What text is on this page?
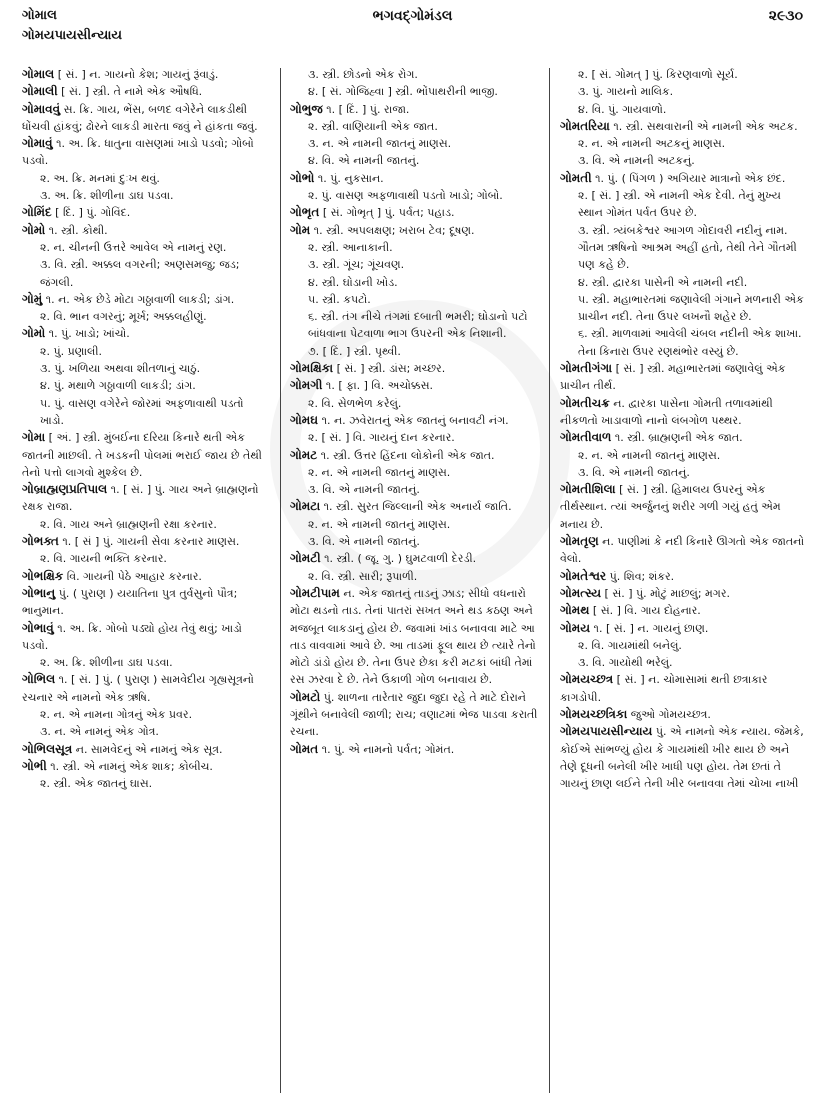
ગોમાલ
ગોમયપાયસીન્યાય
ભગવદ્ગોમંડલ	૨૯૩૦

ગોમાલ [ સં. ] ન. ગાયનો કેશ; ગાયનું રૂંવાડું.

ગોમાલી [ સં. ] સ્ત્રી. તે નામે એક ઔષધિ.

ગોમાવવું સ. ક્રિ. ગાય, ભેંસ, બળદ વગેરેને લાકડીથી ધોંચવી હાંકવું; ઢોરને લાકડી મારતા જવું ને હાંકતા જવું.

ગોમાવું ૧. અ. ક્રિ. ધાતુના વાસણમાં ખાડો પડવો; ગોબો પડવો.

૨. અ. ક્રિ. મનમાં દુઃખ થવું.

૩. અ. ક્રિ. શીળીના ડાઘ પડવા.

ગોમિંદ [ દિં. ] પું. ગોવિંદ.

ગોમો ૧. સ્ત્રી. કોથી.

૨. ન. ચીનની ઉત્તરે આવેલ એ નામનું રણ.

૩. વિ. સ્ત્રી. અક્કલ વગરની; અણસમજુ; જડ; જંગલી.

ગોમું ૧. ન. એક છેડે મોટા ગઠ્ઠાવાળી લાકડી; ડાંગ.

૨. વિ. ભાન વગરનું; મૂર્ખ; અક્કલહીણું.

ગોમો ૧. પું. ખાડો; ખાંચો.

૨. પું. પ્રણાલી.

૩. પું. ખળિયા અથવા શીતળાનું ચાઠું.

૪. પું. મથાળે ગઠ્ઠાવાળી લાકડી; ડાંગ.

૫. પું. વાસણ વગેરેને જોરમાં અફળાવાથી પડતો ખાડો.

ગોમા [ અં. ] સ્ત્રી. મુંબઈના દરિયા કિનારે થતી એક જાતની માછલી. તે ખડકની પોલમાં ભરાઈ જાય છે તેથી તેનો પત્તો લાગવો મુશ્કેલ છે.

ગોબ્રાહ્મણપ્રતિપાલ ૧. [ સં. ] પું. ગાય અને બ્રાહ્મણનો રક્ષક રાજા.

૨. વિ. ગાય અને બ્રાહ્મણની રક્ષા કરનાર.

ગોભક્ત ૧. [ સં ] પું. ગાયની સેવા કરનાર માણસ.

૨. વિ. ગાયની ભક્તિ કરનાર.

ગોભક્ષિક વિ. ગાયની પેઠે આહાર કરનાર.

ગોભાનુ પું. ( પુરાણ ) યયાતિના પુત્ર તુર્વસુનો પૌત્ર; ભાનુમાન.

ગોભાવું ૧. અ. ક્રિ. ગોબો પડ્યો હોય તેવું થવું; ખાડો પડવો.

૨. અ. ક્રિ. શીળીના ડાઘ પડવા.

ગોભિલ ૧. [ સં. ] પું. ( પુરાણ ) સામવેદીય ગૃહ્યસૂત્રનો રચનાર એ નામનો એક ઋષિ.

૨. ન. એ નામના ગોત્રનું એક પ્રવર.

૩. ન. એ નામનું એક ગોત્ર.

ગોભિલસૂત્ર ન. સામવેદનું એ નામનું એક સૂત્ર.

ગોભી ૧. સ્ત્રી. એ નામનું એક શાક; કોબીચ.

૨. સ્ત્રી. એક જાતનું ઘાસ.

૩. સ્ત્રી. છોડનો એક રોગ.

૪. [ સં. ગોજિહ્વા ] સ્ત્રી. ભોંપાથરીની ભાજી.

ગોભુજ ૧. [ દિં. ] પું. રાજા.

૨. સ્ત્રી. વાણિયાની એક જાત.

૩. ન. એ નામની જાતનું માણસ.

૪. વિ. એ નામની જાતનું.

ગોભો ૧. પું. નુકસાન.

૨. પું. વાસણ અફળાવાથી પડતો ખાડો; ગોબો.

ગોભૃત [ સં. ગોભૃત્ ] પું. પર્વત; પહાડ.

ગોમ ૧. સ્ત્રી. અપલક્ષણ; ખરાબ ટેવ; દૂષણ.

૨. સ્ત્રી. આનાકાની.

૩. સ્ત્રી. ગૂંચ; ગૂંચવણ.

૪. સ્ત્રી. ઘોડાની ખોડ.

૫. સ્ત્રી. કપટો.

૬. સ્ત્રી. તંગ નીચે તંગમાં દબાતી ભમરી; ઘોડાનો પટો બાંધવાના પેટવાળા ભાગ ઉપરની એક નિશાની.

૭. [ દિં. ] સ્ત્રી. પૃથ્વી.

ગોમક્ષિકા [ સં. ] સ્ત્રી. ડાંસ; મચ્છર.

ગોમગી ૧. [ ફા. ] વિ. અચોક્કસ.

૨. વિ. સેળભેળ કરેલું.

ગોમઘ ૧. ન. ઝવેરાતનું એક જાતનું બનાવટી નંગ.

૨. [ સં. ] વિ. ગાયનું દાન કરનાર.

ગોમટ ૧. સ્ત્રી. ઉત્તર હિંદના લોકોની એક જાત.

૨. ન. એ નામની જાતનું માણસ.

૩. વિ. એ નામની જાતનું.

ગોમટા ૧. સ્ત્રી. સુરત જિલ્લાની એક અનાર્ય જાતિ.

૨. ન. એ નામની જાતનું માણસ.

૩. વિ. એ નામની જાતનું.

ગોમટી ૧. સ્ત્રી. ( જૂ. ગુ. ) ઘુમટવાળી દેરડી.

૨. વિ. સ્ત્રી. સારી; રૂપાળી.

ગોમટીપામ ન. એક જાતનું તાડનું ઝાડ; સીધો વધનારો મોટા થડનો તાડ. તેનાં પાતરાં સખત અને થડ કઠણ અને મજબૂત લાકડાનું હોય છે. જવામાં ખાંડ બનાવવા માટે આ તાડ વાવવામાં આવે છે. આ તાડમાં ફૂલ થાય છે ત્યારે તેનો મોટો ડાંડો હોય છે. તેના ઉપર છેકા કરી મટકાં બાંધી તેમાં રસ ઝરવા દે છે. તેને ઉકાળી ગોળ બનાવાય છે.

ગોમટો પું. શાળના તારેતાર જુદા જુદા રહે તે માટે દોરાને ગૂંથીને બનાવેલી જાળી; રાચ; વણાટમાં ભેજ પાડવા કરાતી રચના.

ગોમત ૧. પું. એ નામનો પર્વત; ગોમંત.

૨. [ સં. ગોમત્ ] પું. કિરણવાળો સૂર્ય.

૩. પું. ગાયનો માલિક.

૪. વિ. પું. ગાયવાળો.

ગોમતરિયા ૧. સ્ત્રી. સથવારાની એ નામની એક અટક.

૨. ન. એ નામની અટકનું માણસ.

૩. વિ. એ નામની અટકનું.

ગોમતી ૧. પું. ( પિંગળ ) અગિયાર માત્રાનો એક છંદ.

૨. [ સં. ] સ્ત્રી. એ નામની એક દેવી. તેનું મુખ્ય સ્થાન ગોમંત પર્વત ઉપર છે.

૩. સ્ત્રી. ત્ર્યંબકેશ્વર આગળ ગોદાવરી નદીનું નામ. ગૌતમ ઋષિનો આશ્રમ અહીં હતો, તેથી તેને ગૌતમી પણ કહે છે.

૪. સ્ત્રી. દ્વારકા પાસેની એ નામની નદી.

૫. સ્ત્રી. મહાભારતમાં જણાવેલી ગંગાને મળનારી એક પ્રાચીન નદી. તેના ઉપર લખનૌ શહેર છે.

૬. સ્ત્રી. માળવામાં આવેલી ચંબલ નદીની એક શાખા. તેના કિનારા ઉપર રણથંભોર વસ્યું છે.

ગોમતીગંગા [ સં. ] સ્ત્રી. મહાભારતમાં જણાવેલું એક પ્રાચીન તીર્થ.

ગોમતીચક્ર ન. દ્વારકા પાસેના ગોમતી તળાવમાંથી નીકળતો ખાડાવાળો નાનો લંબગોળ પથ્થર.

ગોમતીવાળ ૧. સ્ત્રી. બ્રાહ્મણની એક જાત.

૨. ન. એ નામની જાતનું માણસ.

૩. વિ. એ નામની જાતનું.

ગોમતીશિલા [ સં. ] સ્ત્રી. હિમાલય ઉપરનું એક તીર્થસ્થાન. ત્યાં અર્જુનનું શરીર ગળી ગયું હતું એમ મનાય છે.

ગોમતૃણ ન. પાણીમાં કે નદી કિનારે ઊગતો એક જાતનો વેલો.

ગોમતેશ્વર પું. શિવ; શંકર.

ગોમત્સ્ય [ સં. ] પું. મોટું માછલું; મગર.

ગોમથ [ સં. ] વિ. ગાય દોહનાર.

ગોમય ૧. [ સં. ] ન. ગાયનું છાણ.

૨. વિ. ગાયમાંથી બનેલું.

૩. વિ. ગાયોથી ભરેલું.

ગોમયચ્છત્ર [ સં. ] ન. ચોમાસામાં થતી છત્રાકાર કાગડોપી.

ગોમયચ્છત્રિકા જુઓ ગોમયચ્છત્ર.

ગોમયપાયસીન્યાય પું. એ નામનો એક ન્યાય. જેમકે, કોઈએ સાંભળ્યું હોય કે ગાયમાંથી ખીર થાય છે અને તેણે દૂધની બનેલી ખીર ખાધી પણ હોય. તેમ છતાં તે ગાયનું છાણ લઈને તેની ખીર બનાવવા તેમાં ચોખા નાખી
